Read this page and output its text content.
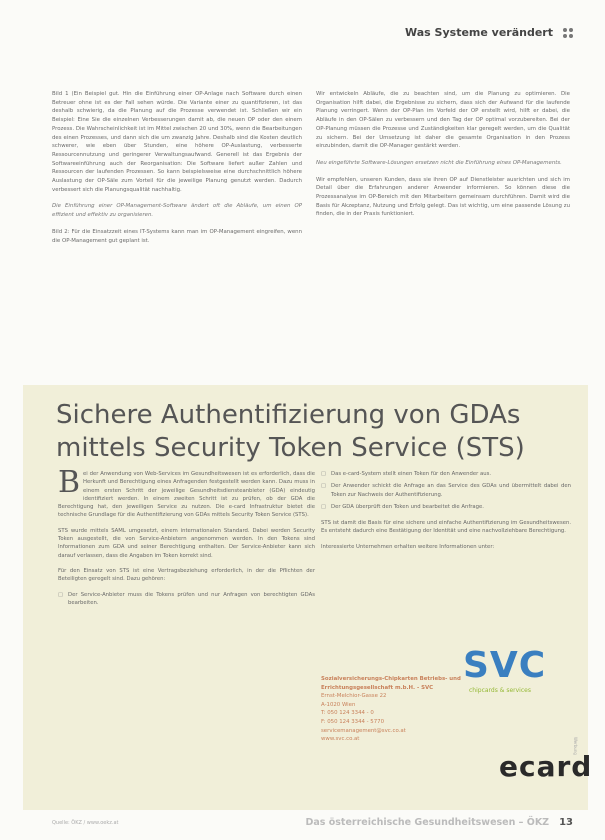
Was Systeme verändert

Bild 1 (Ein Beispiel gut. Hin die Einführung einer OP-Anlage nach Software durch einen Betreuer ohne ist es der Fall sehen würde. Die Variante einer zu quantifizieren, ist das deshalb schwierig, da die Planung auf die Prozesse verwendet ist. Schließen wir ein Beispiel: Eine Sie die einzelnen Verbesserungen damit ab, die neuen OP oder den einem Prozess. Die Wahrscheinlichkeit ist im Mittel zwischen 20 und 30%, wenn die Bearbeitungen des einen Prozesses, und dann sich die um zwanzig Jahre. Deshalb sind die Kosten deutlich schwerer, wie eben über Stunden, eine höhere OP-Auslastung, verbesserte Ressourcennutzung und geringerer Verwaltungsaufwand. Generell ist das Ergebnis der Softwareeinführung auch der Reorganisation: Die Software liefert außer Zahlen und Ressourcen der laufenden Prozessen. So kann beispielsweise eine durchschnittlich höhere Auslastung der OP-Säle zum Vorteil für die jeweilige Planung genutzt werden. Dadurch verbessert sich die Planungsqualität nachhaltig.

Die Einführung einer OP-Management-Software ändert oft die Abläufe, um einen OP effizient und effektiv zu organisieren.

Bild 2: Für die Einsatzzeit eines IT-Systems kann man im OP-Management eingreifen, wenn die OP-Management gut geplant ist.

Wir entwickeln Abläufe, die zu beachten sind, um die Planung zu optimieren. Die Organisation hilft dabei, die Ergebnisse zu sichern, dass sich der Aufwand für die laufende Planung verringert. Wenn der OP-Plan im Vorfeld der OP erstellt wird, hilft er dabei, die Abläufe in den OP-Sälen zu verbessern und den Tag der OP optimal vorzubereiten. Bei der OP-Planung müssen die Prozesse und Zuständigkeiten klar geregelt werden, um die Qualität zu sichern. Bei der Umsetzung ist daher die gesamte Organisation in den Prozess einzubinden, damit die OP-Manager gestärkt werden.

Neu eingeführte Software-Lösungen ersetzen nicht die Einführung eines OP-Managements.

Wir empfehlen, unseren Kunden, dass sie ihren OP auf Dienstleister ausrichten und sich im Detail über die Erfahrungen anderer Anwender informieren. So können diese die Prozessanalyse im OP-Bereich mit den Mitarbeitern gemeinsam durchführen. Damit wird die Basis für Akzeptanz, Nutzung und Erfolg gelegt. Das ist wichtig, um eine passende Lösung zu finden, die in der Praxis funktioniert.

Sichere Authentifizierung von GDAs mittels Security Token Service (STS)

Bei der Anwendung von Web-Services im Gesundheitswesen ist es erforderlich, dass die Herkunft und Berechtigung eines Anfragenden festgestellt werden kann. Dazu muss in einem ersten Schritt der jeweilige Gesundheitsdiensteanbieter (GDA) eindeutig identifiziert werden. In einem zweiten Schritt ist zu prüfen, ob der GDA die Berechtigung hat, den jeweiligen Service zu nutzen. Die e-card Infrastruktur bietet die technische Grundlage für die Authentifizierung von GDAs mittels Security Token Service (STS).

STS wurde mittels SAML umgesetzt, einem internationalen Standard. Dabei werden Security Token ausgestellt, die von Service-Anbietern angenommen werden. In den Tokens sind Informationen zum GDA und seiner Berechtigung enthalten. Der Service-Anbieter kann sich darauf verlassen, dass die Angaben im Token korrekt sind.

Für den Einsatz von STS ist eine Vertragsbeziehung erforderlich, in der die Pflichten der Beteiligten geregelt sind. Dazu gehören:

□ Der Service-Anbieter muss die Tokens prüfen und nur Anfragen von berechtigten GDAs bearbeiten.
□ Das e-card-System stellt einen Token für den Anwender aus.
□ Der Anwender schickt die Anfrage an das Service des GDAs und übermittelt dabei den Token zur Nachweis der Authentifizierung.
□ Der GDA überprüft den Token und bearbeitet die Anfrage.

STS ist damit die Basis für eine sichere und einfache Authentifizierung im Gesundheitswesen. Es entsteht dadurch eine Bestätigung der Identität und eine nachvollziehbare Berechtigung.

Interessierte Unternehmen erhalten weitere Informationen unter:

Sozialversicherungs-Chipkarten Betriebs- und Errichtungsgesellschaft m.b.H. - SVC
Ernst-Melchior-Gasse 22
A-1020 Wien
T: 050 124 3344 - 0
F: 050 124 3344 - 5770
servicemanagement@svc.co.at
www.svc.co.at
SVC
chipcards & services
ecard
Werbung
Quelle: ÖKZ / www.oekz.at	Das österreichische Gesundheitswesen – ÖKZ 13
